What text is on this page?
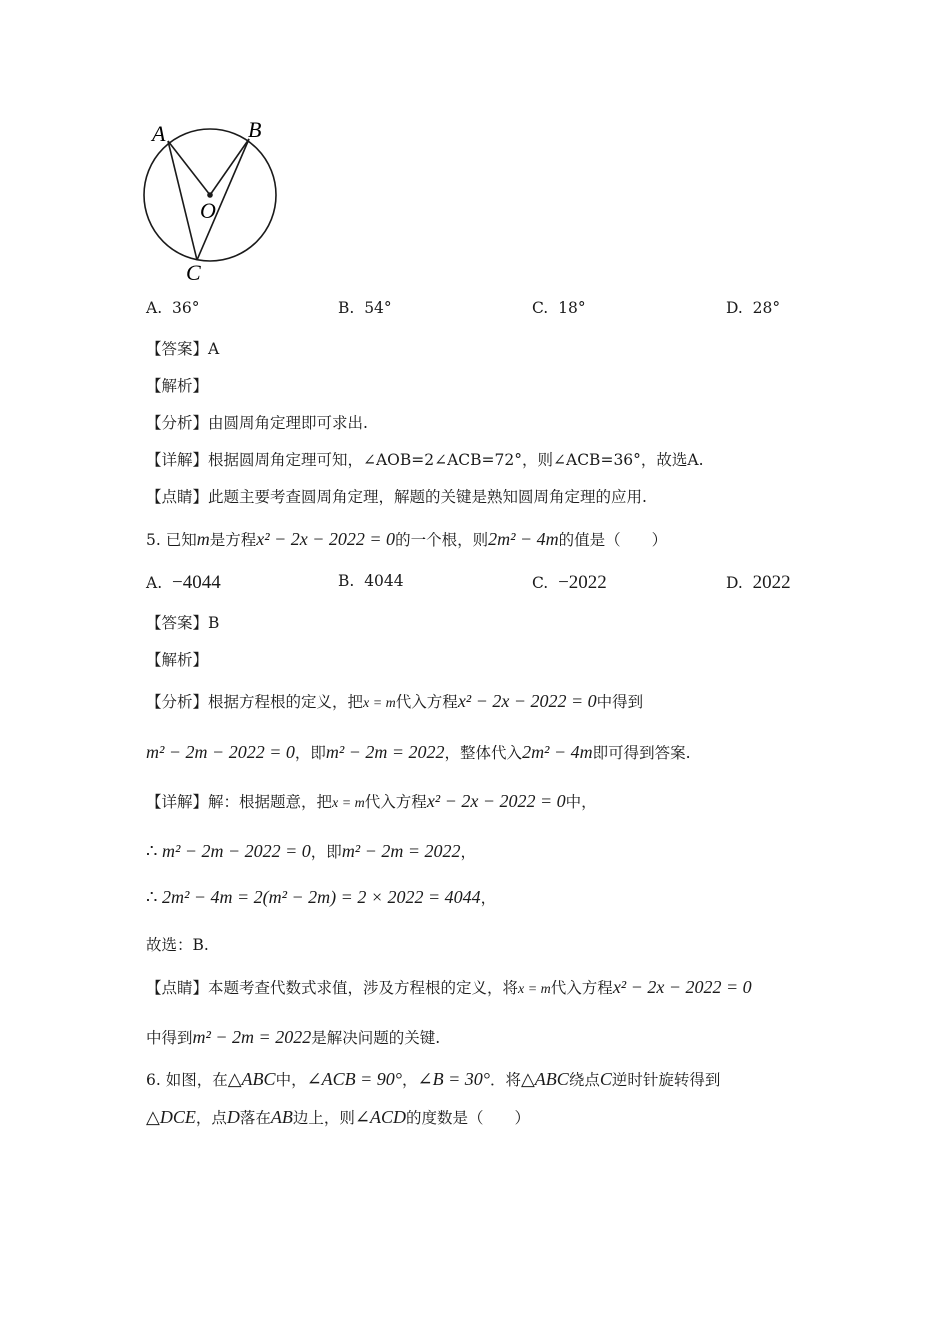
A	B
O
C
A. 36°	B. 54°	C. 18°	D. 28°
【答案】A
【解析】
【分析】由圆周角定理即可求出.
【详解】根据圆周角定理可知，∠AOB=2∠ACB=72°，则∠ACB=36°，故选A.
【点睛】此题主要考查圆周角定理，解题的关键是熟知圆周角定理的应用.
5. 已知m是方程x² − 2x − 2022 = 0的一个根，则2m² − 4m的值是（　　）
A. −4044	B. 4044	C. −2022	D. 2022
【答案】B
【解析】
【分析】根据方程根的定义，把x = m代入方程x² − 2x − 2022 = 0中得到
m² − 2m − 2022 = 0，即m² − 2m = 2022，整体代入2m² − 4m即可得到答案.
【详解】解：根据题意，把x = m代入方程x² − 2x − 2022 = 0中，
∴ m² − 2m − 2022 = 0，即m² − 2m = 2022，
∴ 2m² − 4m = 2(m² − 2m) = 2 × 2022 = 4044，
故选：B.
【点睛】本题考查代数式求值，涉及方程根的定义，将x = m代入方程x² − 2x − 2022 = 0
中得到m² − 2m = 2022是解决问题的关键.
6. 如图，在△ABC中，∠ACB = 90°，∠B = 30°．将△ABC绕点C逆时针旋转得到
△DCE，点D落在AB边上，则∠ACD的度数是（　　）
